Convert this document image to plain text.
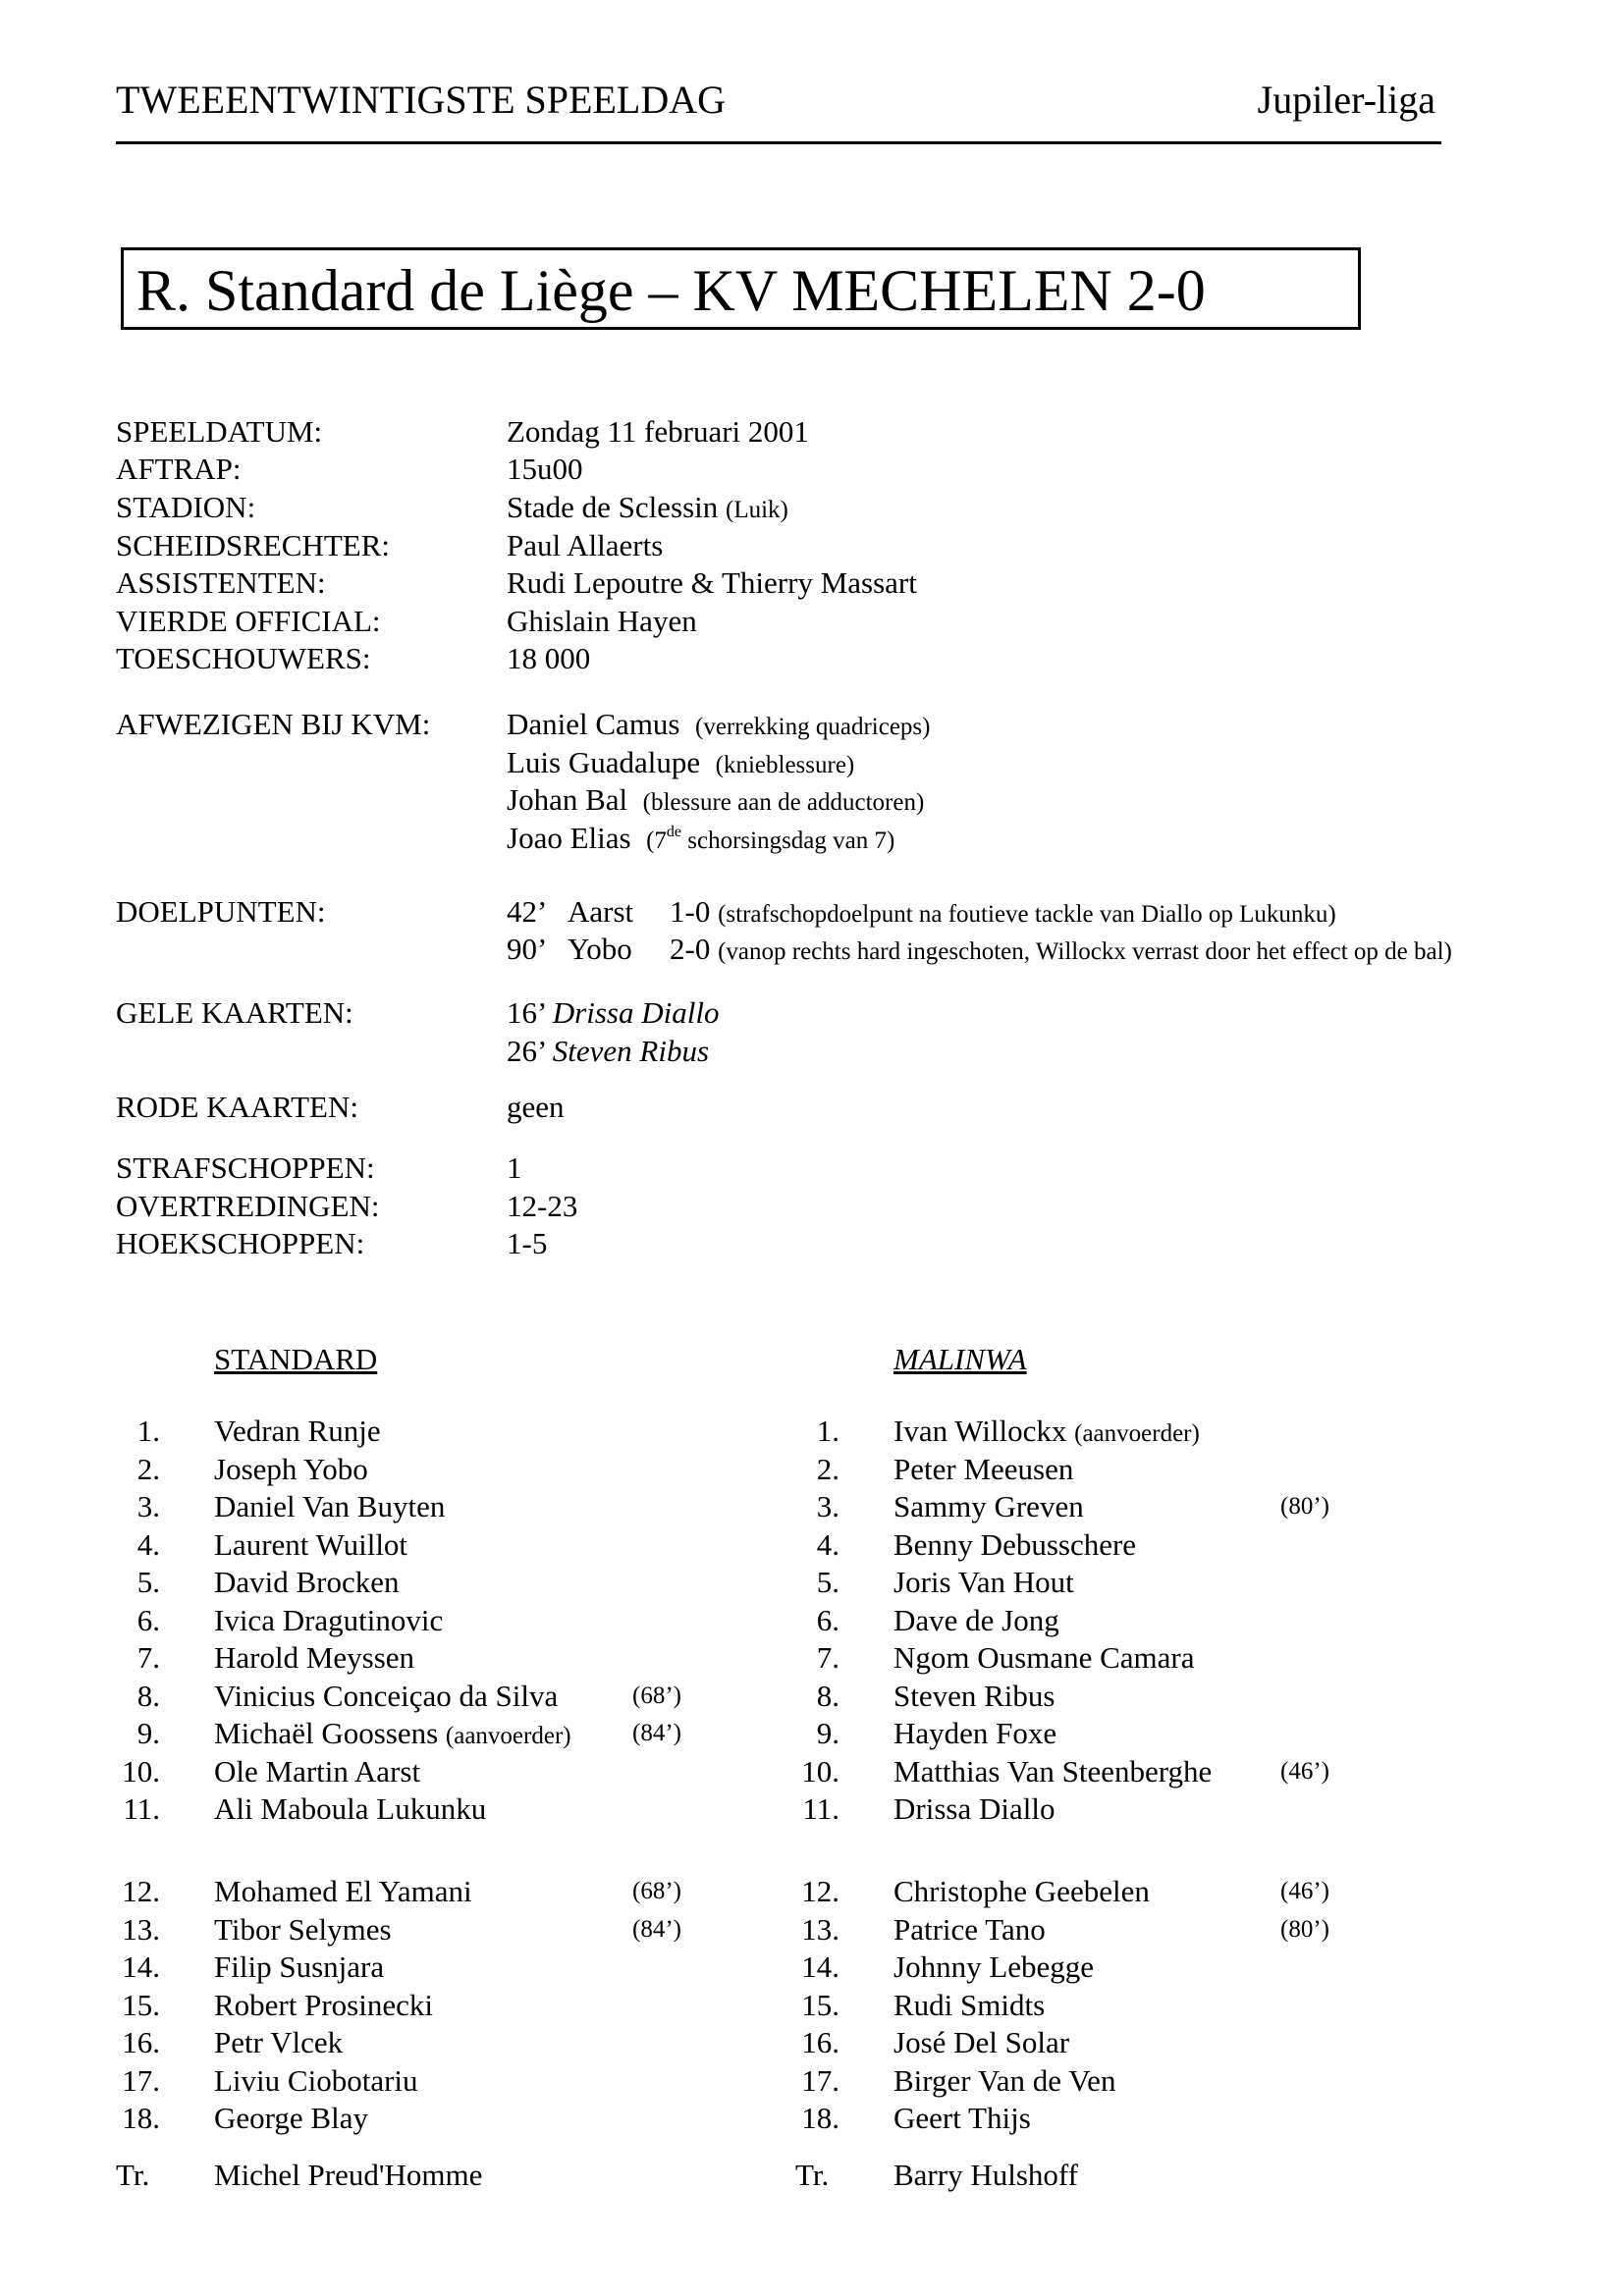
TWEEENTWINTIGSTE SPEELDAG	Jupiler-liga
R. Standard de Liège – KV MECHELEN 2-0
SPEELDATUM:	Zondag 11 februari 2001
AFTRAP:	15u00
STADION:	Stade de Sclessin (Luik)
SCHEIDSRECHTER:	Paul Allaerts
ASSISTENTEN:	Rudi Lepoutre & Thierry Massart
VIERDE OFFICIAL:	Ghislain Hayen
TOESCHOUWERS:	18 000
AFWEZIGEN BIJ KVM:	Daniel Camus (verrekking quadriceps)
Luis Guadalupe (knieblessure)
Johan Bal (blessure aan de adductoren)
Joao Elias (7de schorsingsdag van 7)
DOELPUNTEN:	42’ Aarst 1-0 (strafschopdoelpunt na foutieve tackle van Diallo op Lukunku)
90’ Yobo 2-0 (vanop rechts hard ingeschoten, Willockx verrast door het effect op de bal)
GELE KAARTEN:	16’ Drissa Diallo
26’ Steven Ribus
RODE KAARTEN:	geen
STRAFSCHOPPEN:	1
OVERTREDINGEN:	12-23
HOEKSCHOPPEN:	1-5
STANDARD	MALINWA
1. Vedran Runje
2. Joseph Yobo
3. Daniel Van Buyten
4. Laurent Wuillot
5. David Brocken
6. Ivica Dragutinovic
7. Harold Meyssen
8. Vinicius Conceiçao da Silva	(68’)
9. Michaël Goossens (aanvoerder) (84’)
10. Ole Martin Aarst
11. Ali Maboula Lukunku
12. Mohamed El Yamani	(68’)
13. Tibor Selymes	(84’)
14. Filip Susnjara
15. Robert Prosinecki
16. Petr Vlcek
17. Liviu Ciobotariu
18. George Blay
Tr. Michel Preud'Homme
1. Ivan Willockx (aanvoerder)
2. Peter Meeusen
3. Sammy Greven	(80’)
4. Benny Debusschere
5. Joris Van Hout
6. Dave de Jong
7. Ngom Ousmane Camara
8. Steven Ribus
9. Hayden Foxe
10. Matthias Van Steenberghe	(46’)
11. Drissa Diallo
12. Christophe Geebelen	(46’)
13. Patrice Tano	(80’)
14. Johnny Lebegge
15. Rudi Smidts
16. José Del Solar
17. Birger Van de Ven
18. Geert Thijs
Tr. Barry Hulshoff
